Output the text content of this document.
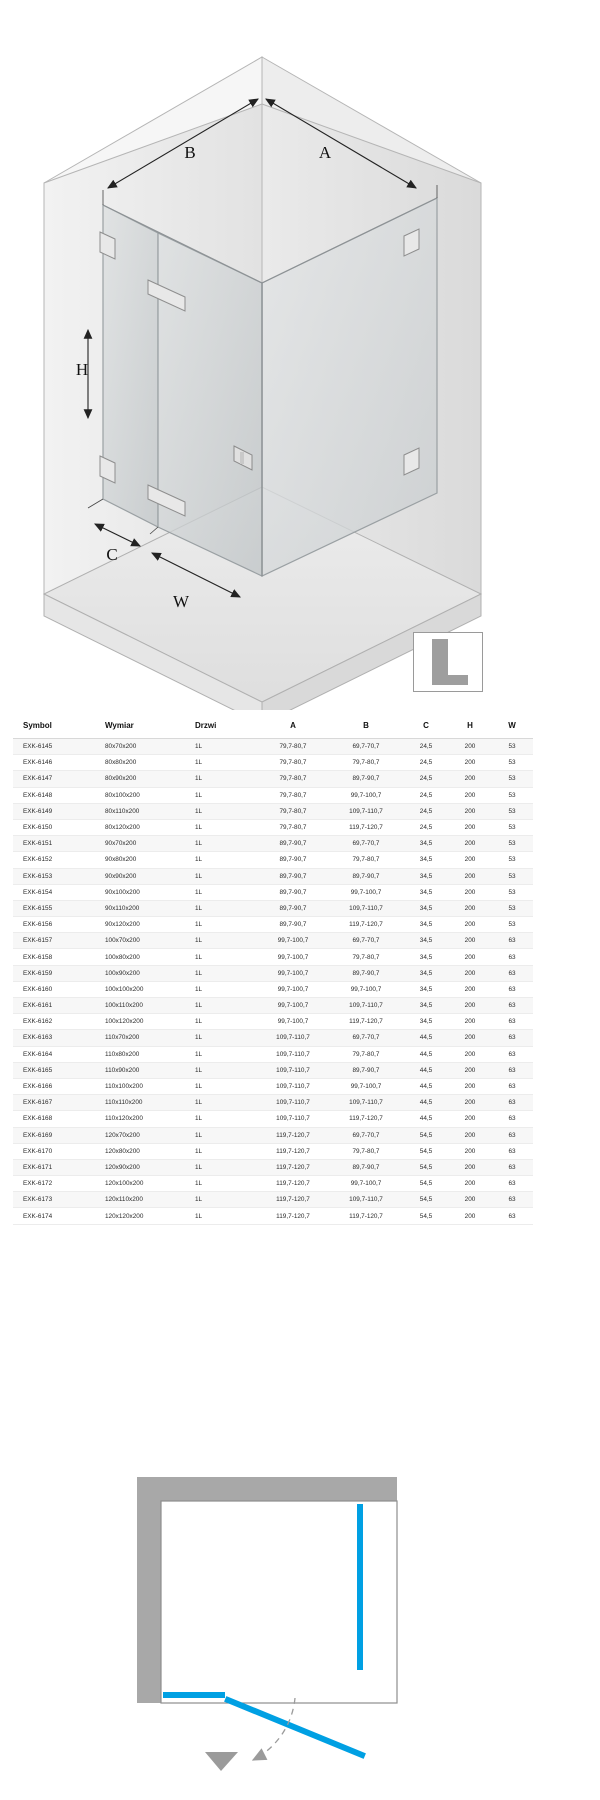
B	A
H
C
W
Symbol	Wymiar	Drzwi	A	B	C	H	W
EXK-6145	80x70x200	1L	79,7-80,7	69,7-70,7	24,5	200	53
EXK-6146	80x80x200	1L	79,7-80,7	79,7-80,7	24,5	200	53
EXK-6147	80x90x200	1L	79,7-80,7	89,7-90,7	24,5	200	53
EXK-6148	80x100x200	1L	79,7-80,7	99,7-100,7	24,5	200	53
EXK-6149	80x110x200	1L	79,7-80,7	109,7-110,7	24,5	200	53
EXK-6150	80x120x200	1L	79,7-80,7	119,7-120,7	24,5	200	53
EXK-6151	90x70x200	1L	89,7-90,7	69,7-70,7	34,5	200	53
EXK-6152	90x80x200	1L	89,7-90,7	79,7-80,7	34,5	200	53
EXK-6153	90x90x200	1L	89,7-90,7	89,7-90,7	34,5	200	53
EXK-6154	90x100x200	1L	89,7-90,7	99,7-100,7	34,5	200	53
EXK-6155	90x110x200	1L	89,7-90,7	109,7-110,7	34,5	200	53
EXK-6156	90x120x200	1L	89,7-90,7	119,7-120,7	34,5	200	53
EXK-6157	100x70x200	1L	99,7-100,7	69,7-70,7	34,5	200	63
EXK-6158	100x80x200	1L	99,7-100,7	79,7-80,7	34,5	200	63
EXK-6159	100x90x200	1L	99,7-100,7	89,7-90,7	34,5	200	63
EXK-6160	100x100x200	1L	99,7-100,7	99,7-100,7	34,5	200	63
EXK-6161	100x110x200	1L	99,7-100,7	109,7-110,7	34,5	200	63
EXK-6162	100x120x200	1L	99,7-100,7	119,7-120,7	34,5	200	63
EXK-6163	110x70x200	1L	109,7-110,7	69,7-70,7	44,5	200	63
EXK-6164	110x80x200	1L	109,7-110,7	79,7-80,7	44,5	200	63
EXK-6165	110x90x200	1L	109,7-110,7	89,7-90,7	44,5	200	63
EXK-6166	110x100x200	1L	109,7-110,7	99,7-100,7	44,5	200	63
EXK-6167	110x110x200	1L	109,7-110,7	109,7-110,7	44,5	200	63
EXK-6168	110x120x200	1L	109,7-110,7	119,7-120,7	44,5	200	63
EXK-6169	120x70x200	1L	119,7-120,7	69,7-70,7	54,5	200	63
EXK-6170	120x80x200	1L	119,7-120,7	79,7-80,7	54,5	200	63
EXK-6171	120x90x200	1L	119,7-120,7	89,7-90,7	54,5	200	63
EXK-6172	120x100x200	1L	119,7-120,7	99,7-100,7	54,5	200	63
EXK-6173	120x110x200	1L	119,7-120,7	109,7-110,7	54,5	200	63
EXK-6174	120x120x200	1L	119,7-120,7	119,7-120,7	54,5	200	63
